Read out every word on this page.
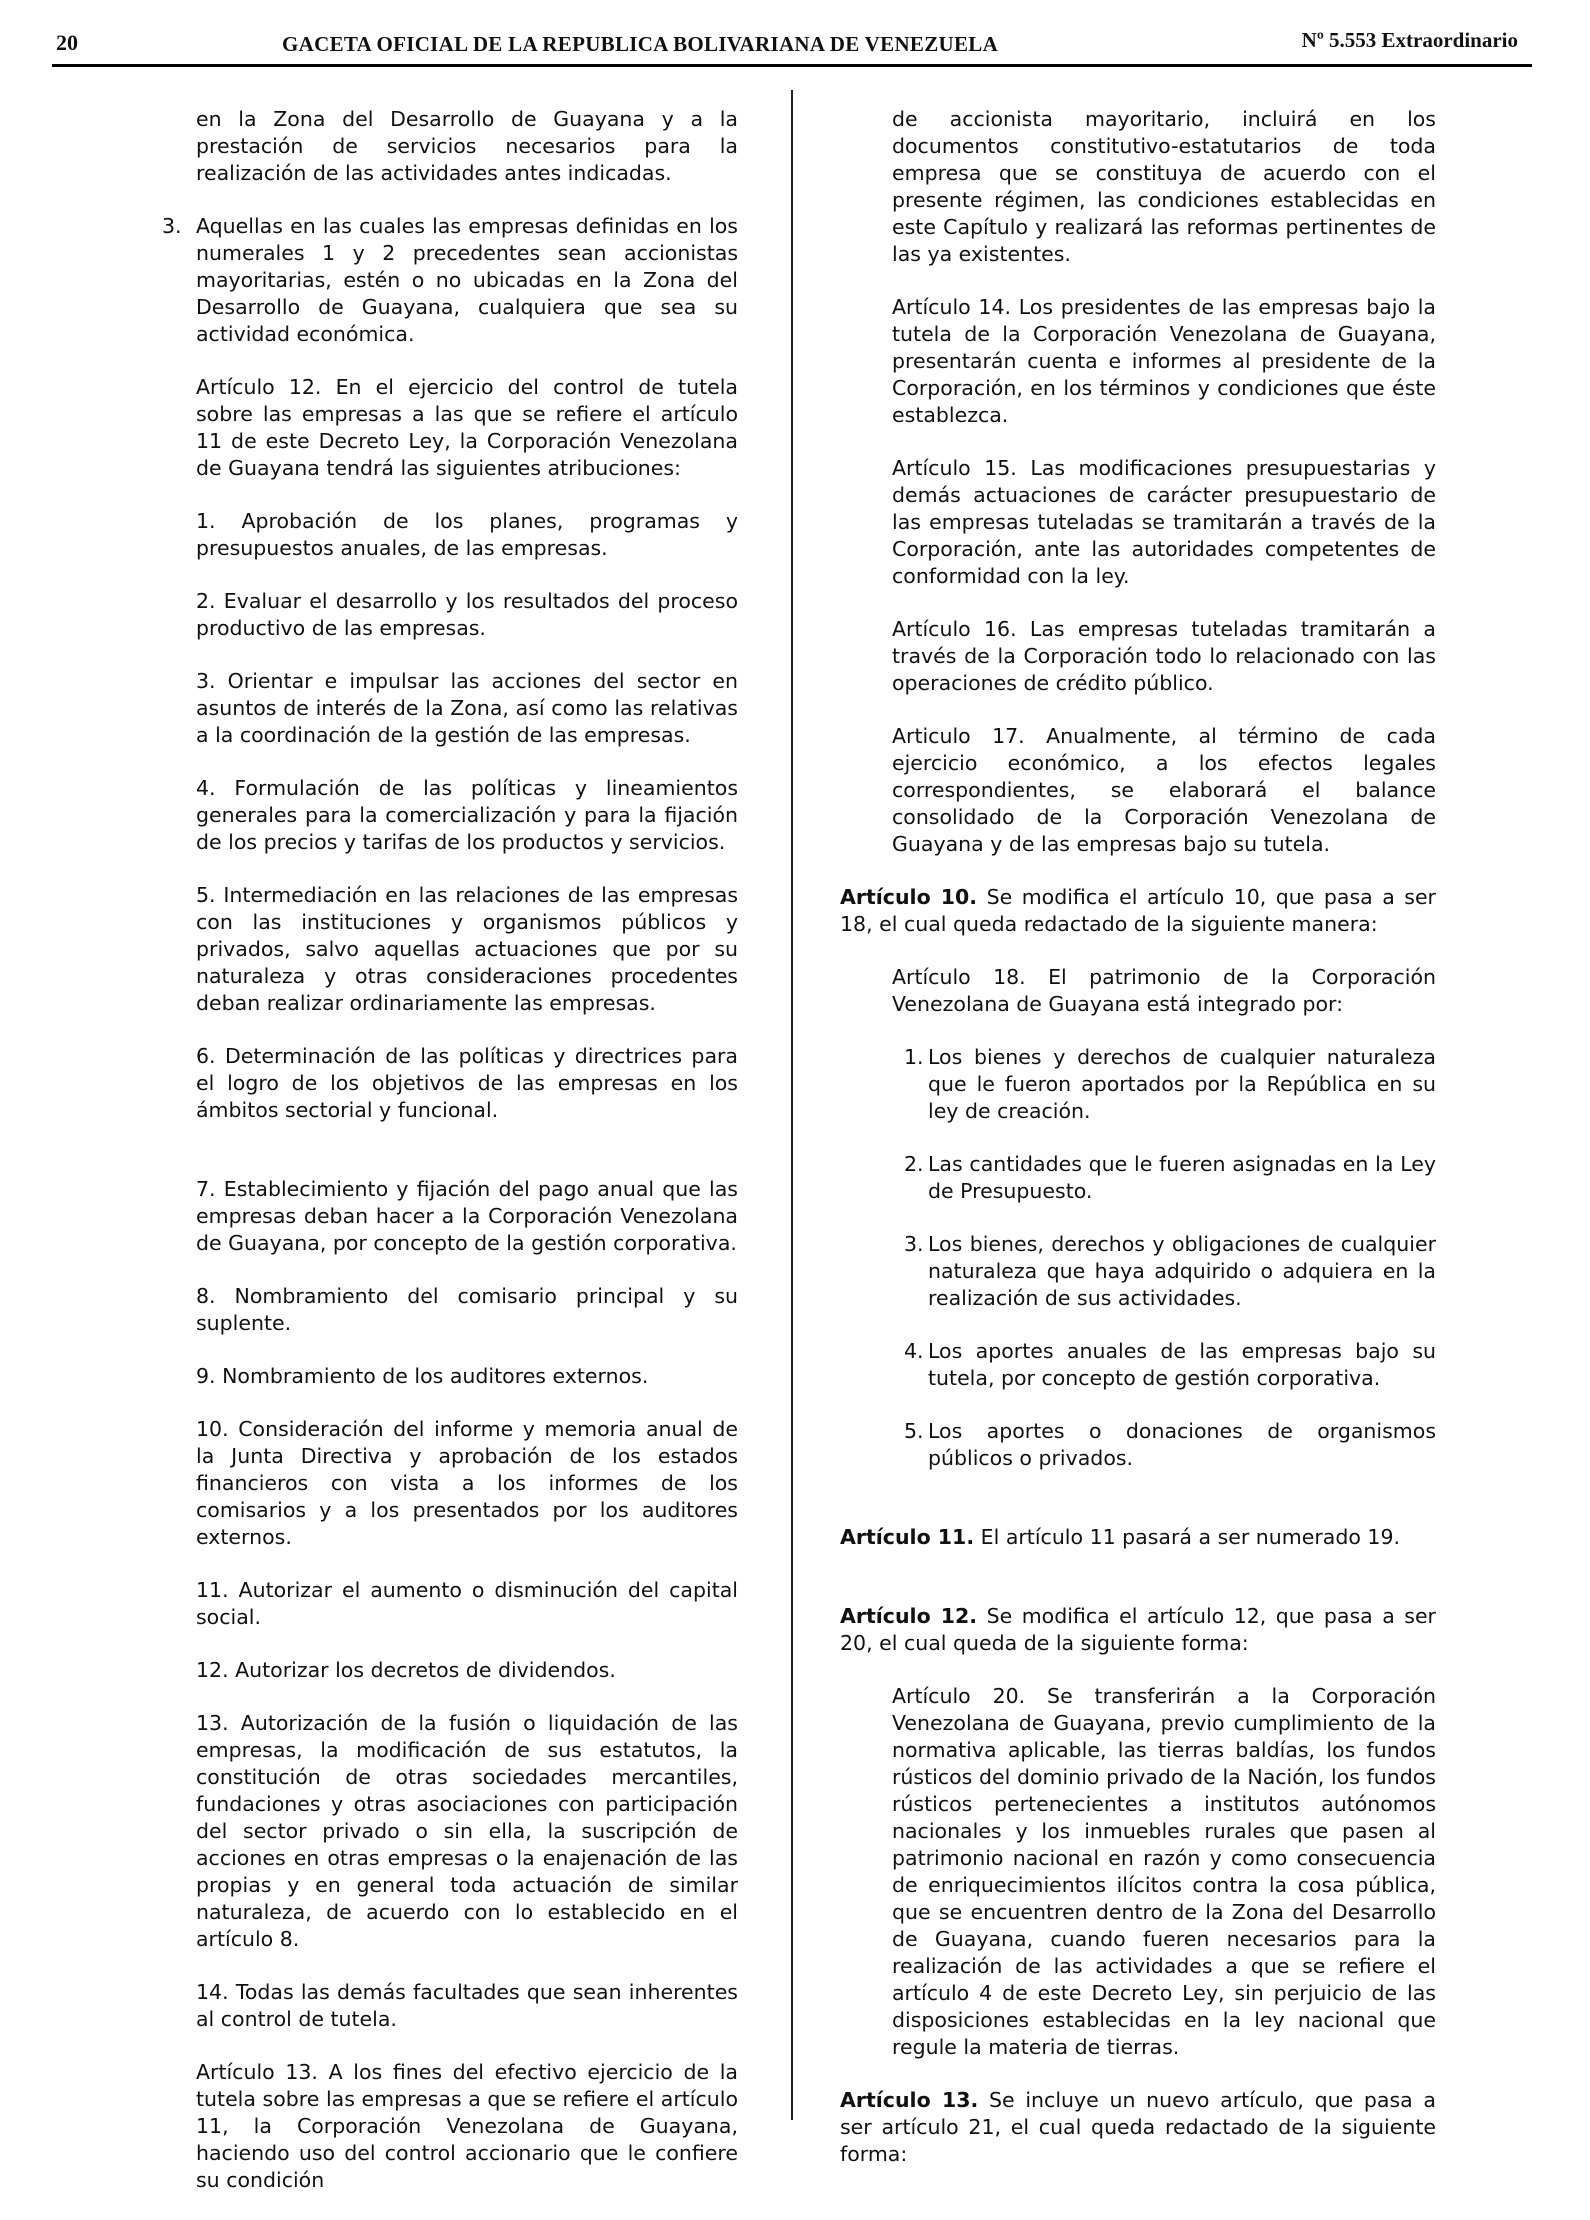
20	GACETA OFICIAL DE LA REPUBLICA BOLIVARIANA DE VENEZUELA	Nº 5.553 Extraordinario

en la Zona del Desarrollo de Guayana y a la prestación de servicios necesarios para la realización de las actividades antes indicadas.

3. Aquellas en las cuales las empresas definidas en los numerales 1 y 2 precedentes sean accionistas mayoritarias, estén o no ubicadas en la Zona del Desarrollo de Guayana, cualquiera que sea su actividad económica.

Artículo 12. En el ejercicio del control de tutela sobre las empresas a las que se refiere el artículo 11 de este Decreto Ley, la Corporación Venezolana de Guayana tendrá las siguientes atribuciones:

1. Aprobación de los planes, programas y presupuestos anuales, de las empresas.

2. Evaluar el desarrollo y los resultados del proceso productivo de las empresas.

3. Orientar e impulsar las acciones del sector en asuntos de interés de la Zona, así como las relativas a la coordinación de la gestión de las empresas.

4. Formulación de las políticas y lineamientos generales para la comercialización y para la fijación de los precios y tarifas de los productos y servicios.

5. Intermediación en las relaciones de las empresas con las instituciones y organismos públicos y privados, salvo aquellas actuaciones que por su naturaleza y otras consideraciones procedentes deban realizar ordinariamente las empresas.

6. Determinación de las políticas y directrices para el logro de los objetivos de las empresas en los ámbitos sectorial y funcional.

7. Establecimiento y fijación del pago anual que las empresas deban hacer a la Corporación Venezolana de Guayana, por concepto de la gestión corporativa.

8. Nombramiento del comisario principal y su suplente.

9. Nombramiento de los auditores externos.

10. Consideración del informe y memoria anual de la Junta Directiva y aprobación de los estados financieros con vista a los informes de los comisarios y a los presentados por los auditores externos.

11. Autorizar el aumento o disminución del capital social.

12. Autorizar los decretos de dividendos.

13. Autorización de la fusión o liquidación de las empresas, la modificación de sus estatutos, la constitución de otras sociedades mercantiles, fundaciones y otras asociaciones con participación del sector privado o sin ella, la suscripción de acciones en otras empresas o la enajenación de las propias y en general toda actuación de similar naturaleza, de acuerdo con lo establecido en el artículo 8.

14. Todas las demás facultades que sean inherentes al control de tutela.

Artículo 13. A los fines del efectivo ejercicio de la tutela sobre las empresas a que se refiere el artículo 11, la Corporación Venezolana de Guayana, haciendo uso del control accionario que le confiere su condición

de accionista mayoritario, incluirá en los documentos constitutivo-estatutarios de toda empresa que se constituya de acuerdo con el presente régimen, las condiciones establecidas en este Capítulo y realizará las reformas pertinentes de las ya existentes.

Artículo 14. Los presidentes de las empresas bajo la tutela de la Corporación Venezolana de Guayana, presentarán cuenta e informes al presidente de la Corporación, en los términos y condiciones que éste establezca.

Artículo 15. Las modificaciones presupuestarias y demás actuaciones de carácter presupuestario de las empresas tuteladas se tramitarán a través de la Corporación, ante las autoridades competentes de conformidad con la ley.

Artículo 16. Las empresas tuteladas tramitarán a través de la Corporación todo lo relacionado con las operaciones de crédito público.

Articulo 17. Anualmente, al término de cada ejercicio económico, a los efectos legales correspondientes, se elaborará el balance consolidado de la Corporación Venezolana de Guayana y de las empresas bajo su tutela.

Artículo 10. Se modifica el artículo 10, que pasa a ser 18, el cual queda redactado de la siguiente manera:

Artículo 18. El patrimonio de la Corporación Venezolana de Guayana está integrado por:

1. Los bienes y derechos de cualquier naturaleza que le fueron aportados por la República en su ley de creación.

2. Las cantidades que le fueren asignadas en la Ley de Presupuesto.

3. Los bienes, derechos y obligaciones de cualquier naturaleza que haya adquirido o adquiera en la realización de sus actividades.

4. Los aportes anuales de las empresas bajo su tutela, por concepto de gestión corporativa.

5. Los aportes o donaciones de organismos públicos o privados.

Artículo 11. El artículo 11 pasará a ser numerado 19.

Artículo 12. Se modifica el artículo 12, que pasa a ser 20, el cual queda de la siguiente forma:

Artículo 20. Se transferirán a la Corporación Venezolana de Guayana, previo cumplimiento de la normativa aplicable, las tierras baldías, los fundos rústicos del dominio privado de la Nación, los fundos rústicos pertenecientes a institutos autónomos nacionales y los inmuebles rurales que pasen al patrimonio nacional en razón y como consecuencia de enriquecimientos ilícitos contra la cosa pública, que se encuentren dentro de la Zona del Desarrollo de Guayana, cuando fueren necesarios para la realización de las actividades a que se refiere el artículo 4 de este Decreto Ley, sin perjuicio de las disposiciones establecidas en la ley nacional que regule la materia de tierras.

Artículo 13. Se incluye un nuevo artículo, que pasa a ser artículo 21, el cual queda redactado de la siguiente forma:
